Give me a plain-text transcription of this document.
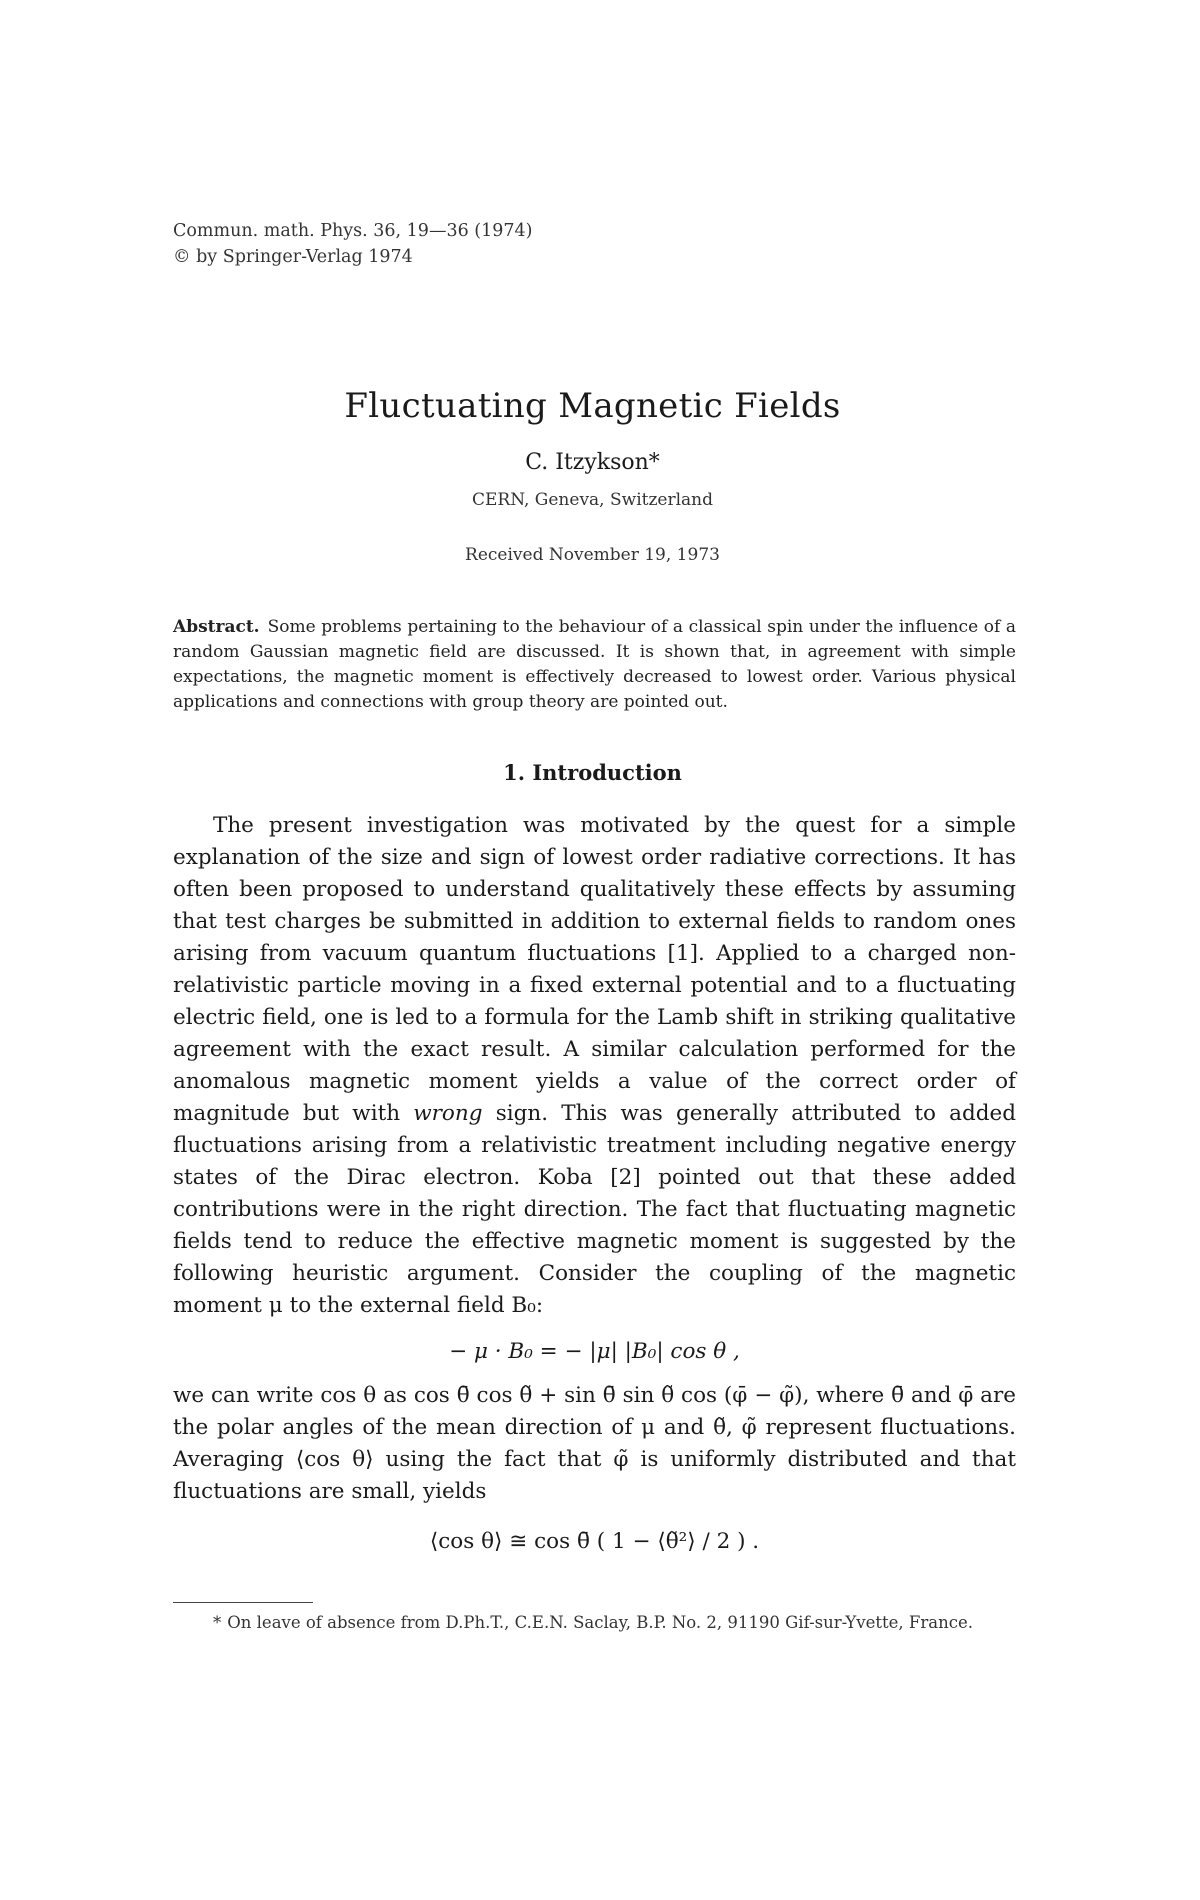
Commun. math. Phys. 36, 19—36 (1974)
© by Springer-Verlag 1974
Fluctuating Magnetic Fields
C. Itzykson*
CERN, Geneva, Switzerland
Received November 19, 1973
Abstract. Some problems pertaining to the behaviour of a classical spin under the influence of a random Gaussian magnetic field are discussed. It is shown that, in agreement with simple expectations, the magnetic moment is effectively decreased to lowest order. Various physical applications and connections with group theory are pointed out.
1. Introduction

The present investigation was motivated by the quest for a simple explanation of the size and sign of lowest order radiative corrections. It has often been proposed to understand qualitatively these effects by assuming that test charges be submitted in addition to external fields to random ones arising from vacuum quantum fluctuations [1]. Applied to a charged non-relativistic particle moving in a fixed external potential and to a fluctuating electric field, one is led to a formula for the Lamb shift in striking qualitative agreement with the exact result. A similar calculation performed for the anomalous magnetic moment yields a value of the correct order of magnitude but with wrong sign. This was generally attributed to added fluctuations arising from a relativistic treatment including negative energy states of the Dirac electron. Koba [2] pointed out that these added contributions were in the right direction. The fact that fluctuating magnetic fields tend to reduce the effective magnetic moment is suggested by the following heuristic argument. Consider the coupling of the magnetic moment μ to the external field B₀:

− μ · B₀ = − |μ| |B₀| cos θ ,

we can write cos θ as cos θ̄ cos θ̃ + sin θ̄ sin θ̃ cos (φ̄ − φ̃), where θ̄ and φ̄ are the polar angles of the mean direction of μ and θ̃, φ̃ represent fluctuations. Averaging ⟨cos θ⟩ using the fact that φ̃ is uniformly distributed and that fluctuations are small, yields

⟨cos θ⟩ ≅ cos θ̄ ( 1 − ⟨θ̃²⟩ / 2 ) .
* On leave of absence from D.Ph.T., C.E.N. Saclay, B.P. No. 2, 91190 Gif-sur-Yvette, France.
